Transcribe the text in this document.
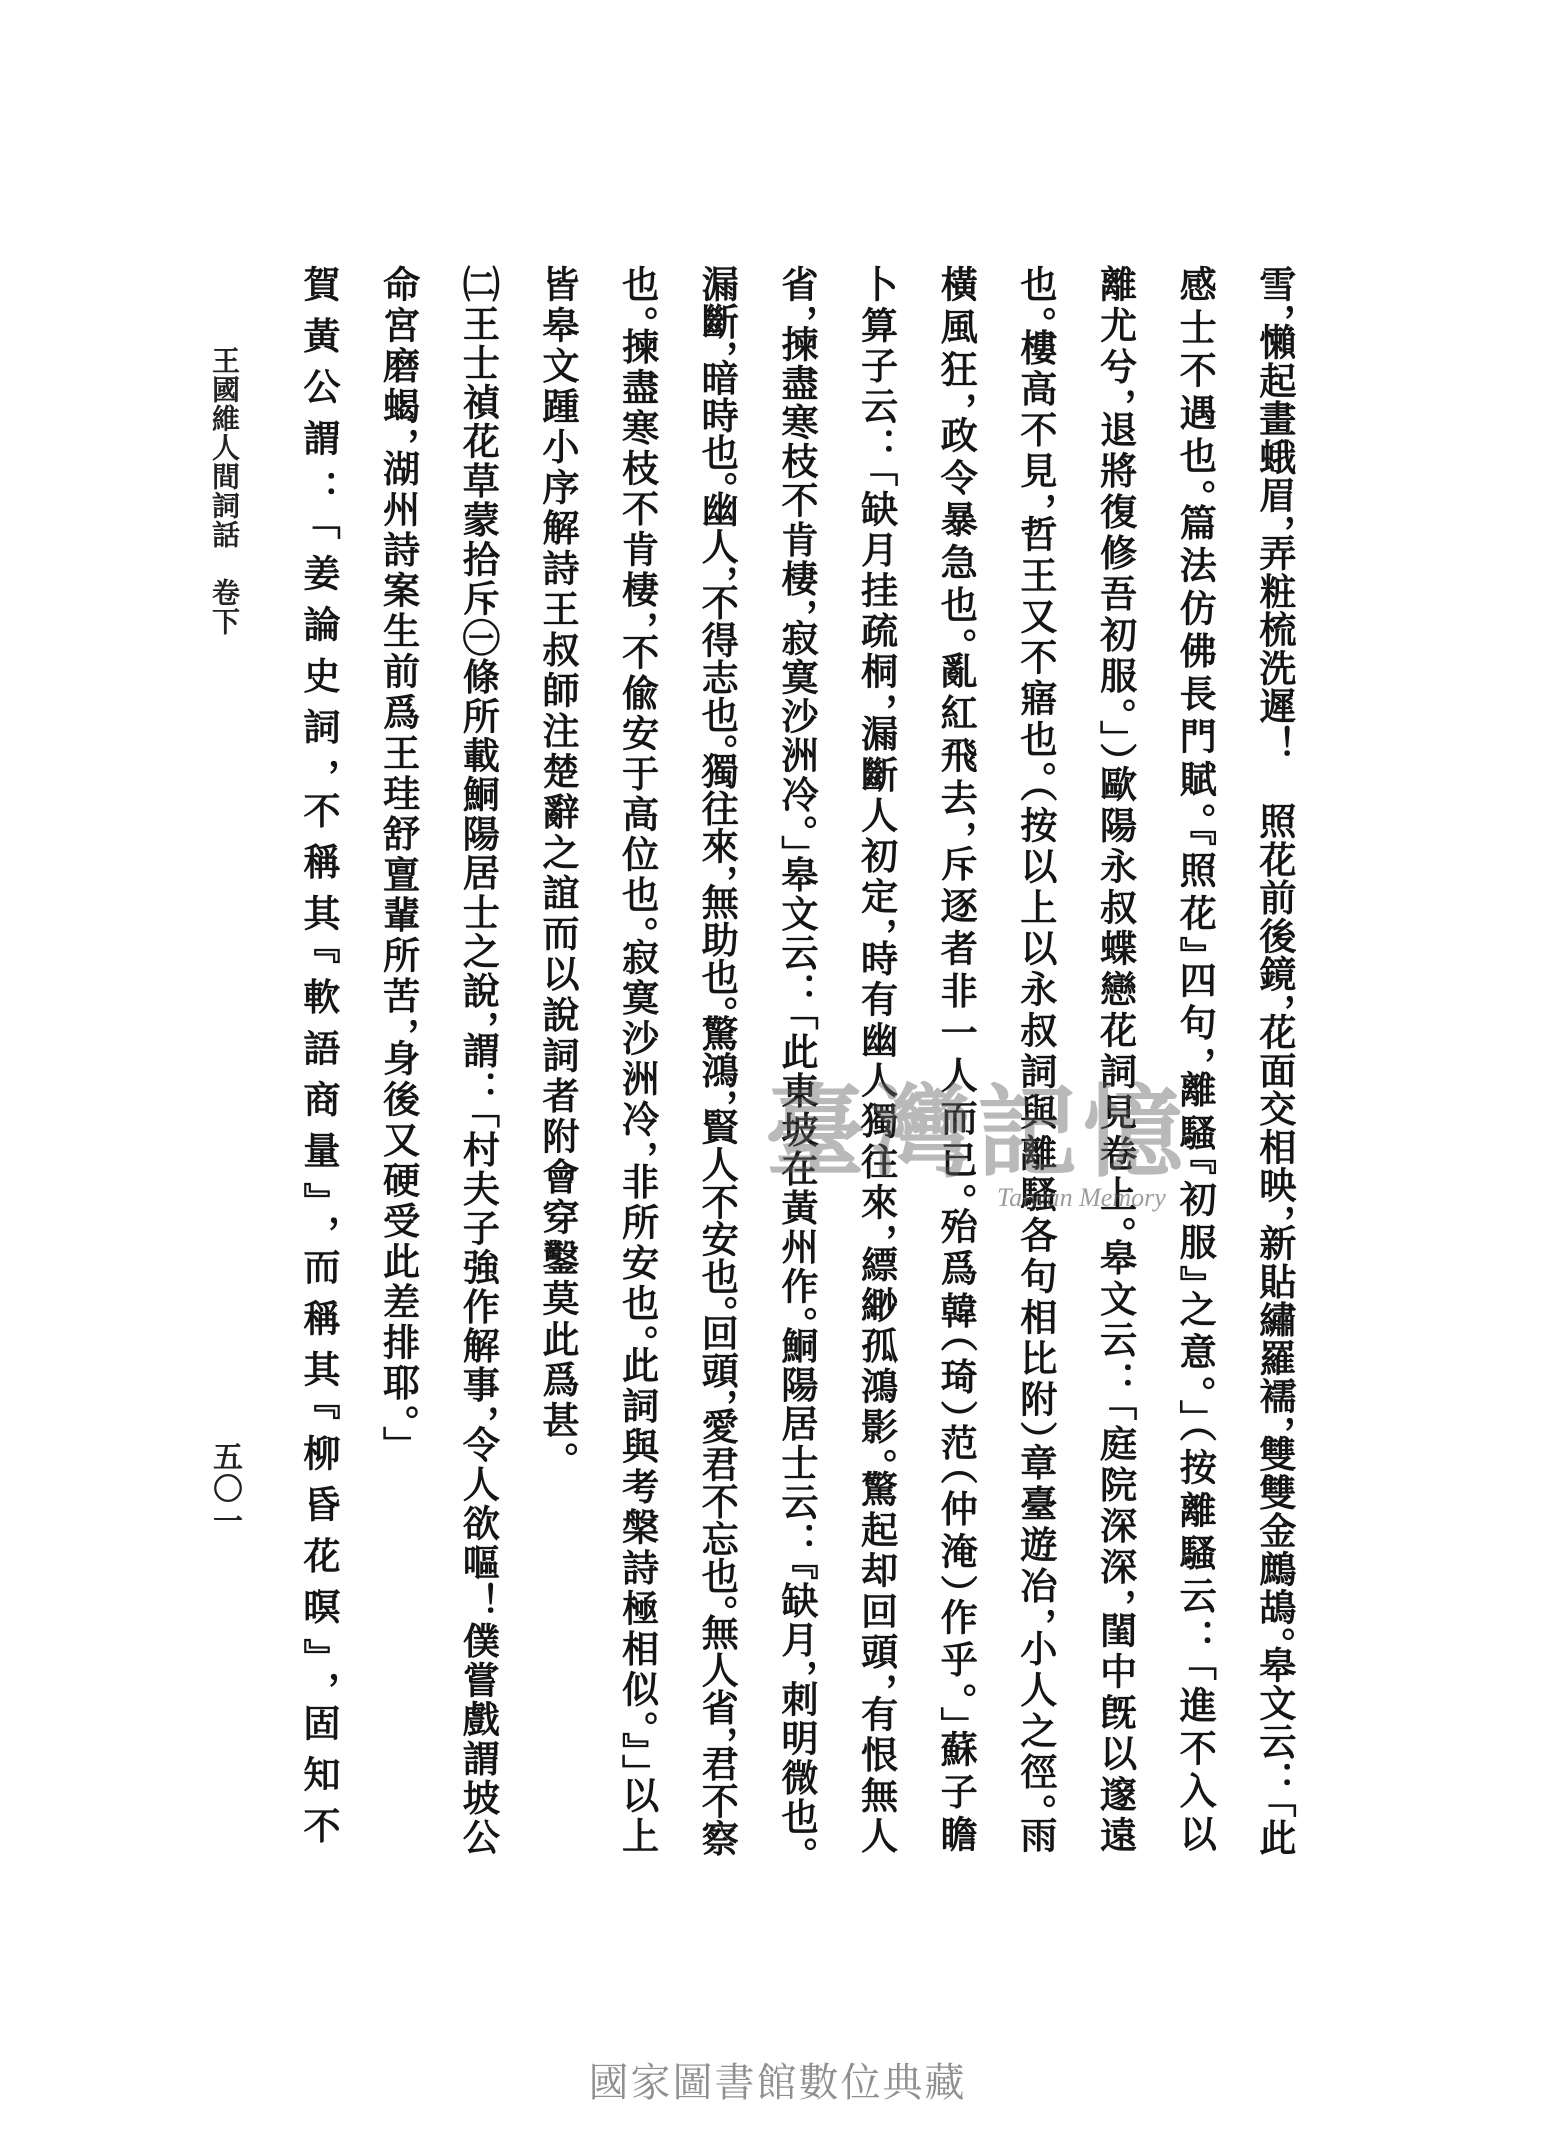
王國維人間詞話　卷下
五〇一	雪，懶起畫蛾眉，弄粧梳洗遲！　照花前後鏡，花面交相映，新貼繡羅襦，雙雙金鷓鴣。皋文云：「此
感士不遇也。篇法仿佛長門賦。『照花』四句，離騷『初服』之意。」（按離騷云：「進不入以
離尤兮，退將復修吾初服。」）歐陽永叔蝶戀花詞見卷上。皋文云：「庭院深深，閨中旣以邃遠
也。樓高不見，哲王又不寤也。（按以上以永叔詞與離騷各句相比附）章臺遊冶，小人之徑。雨
橫風狂，政令暴急也。亂紅飛去，斥逐者非一人而已。殆爲韓（琦）范（仲淹）作乎。」蘇子瞻
卜算子云：「缺月挂疏桐，漏斷人初定，時有幽人獨往來，縹緲孤鴻影。驚起却回頭，有恨無人
省，揀盡寒枝不肯棲，寂寞沙洲冷。」皋文云：「此東坡在黃州作。鮦陽居士云：『缺月，刺明微也。
漏斷，暗時也。幽人，不得志也。獨往來，無助也。驚鴻，賢人不安也。回頭，愛君不忘也。無人省，君不察
也。揀盡寒枝不肯棲，不偸安于高位也。寂寞沙洲冷，非所安也。此詞與考槃詩極相似。』」以上
皆皋文踵小序解詩王叔師注楚辭之誼而以說詞者附會穿鑿莫此爲甚。
㈡王士禎花草蒙拾斥㊀條所載鮦陽居士之說，謂：「村夫子強作解事，令人欲嘔！僕嘗戲謂坡公
命宮磨蝎，湖州詩案生前爲王珪舒亶輩所苦，身後又硬受此差排耶。」
賀黃公謂：「姜論史詞，不稱其『軟語商量』，而稱其『柳昏花暝』，固知不	臺灣記憶
Taiwan Memory
國家圖書館數位典藏
